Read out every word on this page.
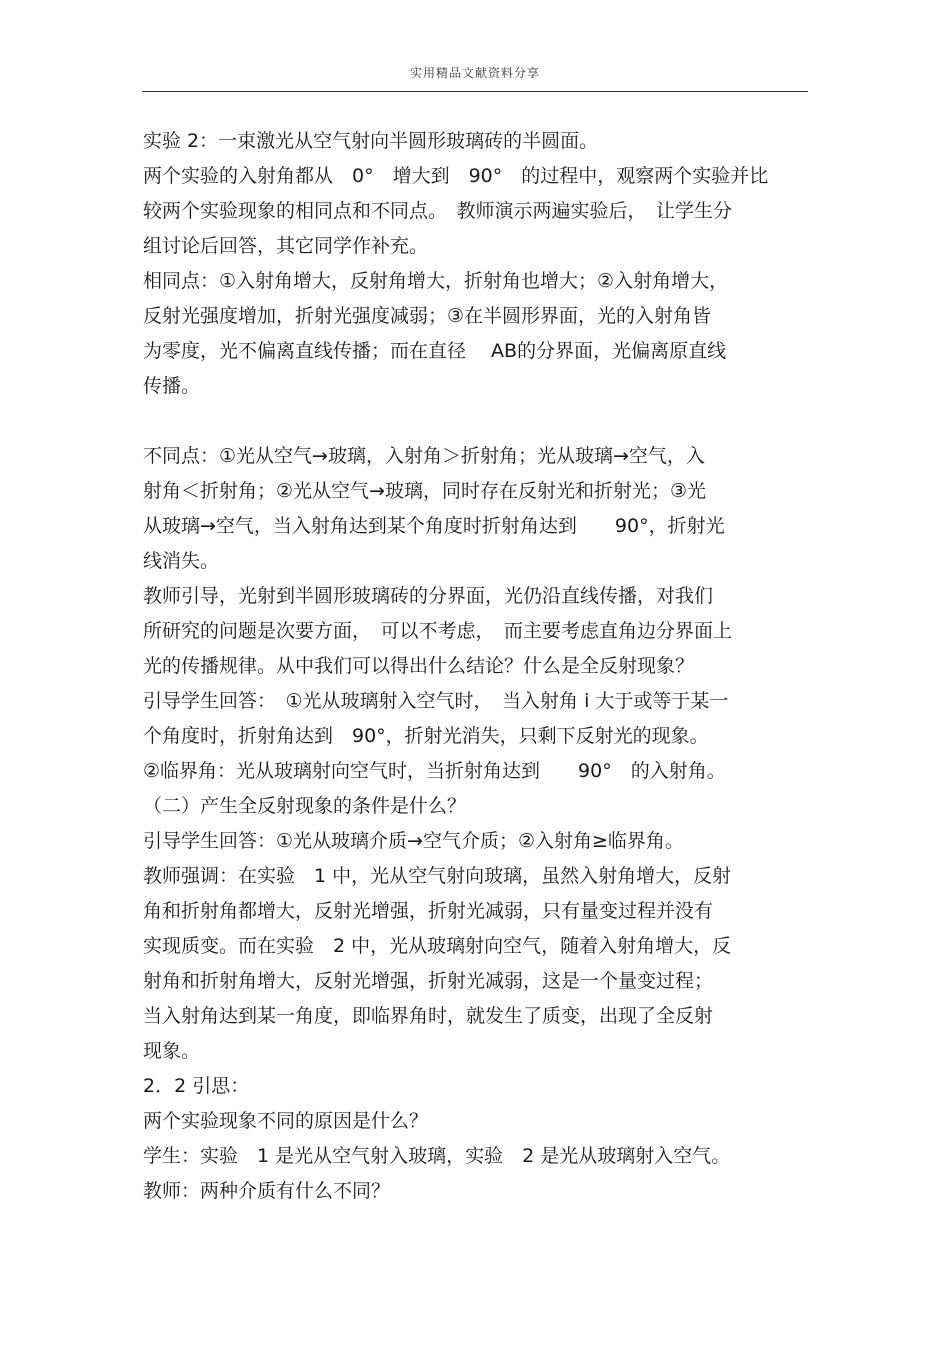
实用精品文献资料分享
实验 2：一束激光从空气射向半圆形玻璃砖的半圆面。
两个实验的入射角都从　0°　增大到　90°　的过程中，观察两个实验并比
较两个实验现象的相同点和不同点。　教师演示两遍实验后，　让学生分
组讨论后回答，其它同学作补充。
相同点：①入射角增大，反射角增大，折射角也增大；②入射角增大，
反射光强度增加，折射光强度减弱；③在半圆形界面，光的入射角皆
为零度，光不偏离直线传播；而在直径　 AB的分界面，光偏离原直线
传播。
不同点：①光从空气→玻璃，入射角＞折射角；光从玻璃→空气，入
射角＜折射角；②光从空气→玻璃，同时存在反射光和折射光；③光
从玻璃→空气，当入射角达到某个角度时折射角达到　　90°，折射光
线消失。
教师引导，光射到半圆形玻璃砖的分界面，光仍沿直线传播，对我们
所研究的问题是次要方面，　可以不考虑，　而主要考虑直角边分界面上
光的传播规律。从中我们可以得出什么结论？什么是全反射现象？
引导学生回答：　①光从玻璃射入空气时，　当入射角 i 大于或等于某一
个角度时，折射角达到　90°，折射光消失，只剩下反射光的现象。
②临界角：光从玻璃射向空气时，当折射角达到　　90°　的入射角。
（二）产生全反射现象的条件是什么？
引导学生回答：①光从玻璃介质→空气介质；②入射角≥临界角。
教师强调：在实验　1 中，光从空气射向玻璃，虽然入射角增大，反射
角和折射角都增大，反射光增强，折射光减弱，只有量变过程并没有
实现质变。而在实验　2 中，光从玻璃射向空气，随着入射角增大，反
射角和折射角增大，反射光增强，折射光减弱，这是一个量变过程；
当入射角达到某一角度，即临界角时，就发生了质变，出现了全反射
现象。
2．2 引思：
两个实验现象不同的原因是什么？
学生：实验　1 是光从空气射入玻璃，实验　2 是光从玻璃射入空气。
教师：两种介质有什么不同？
